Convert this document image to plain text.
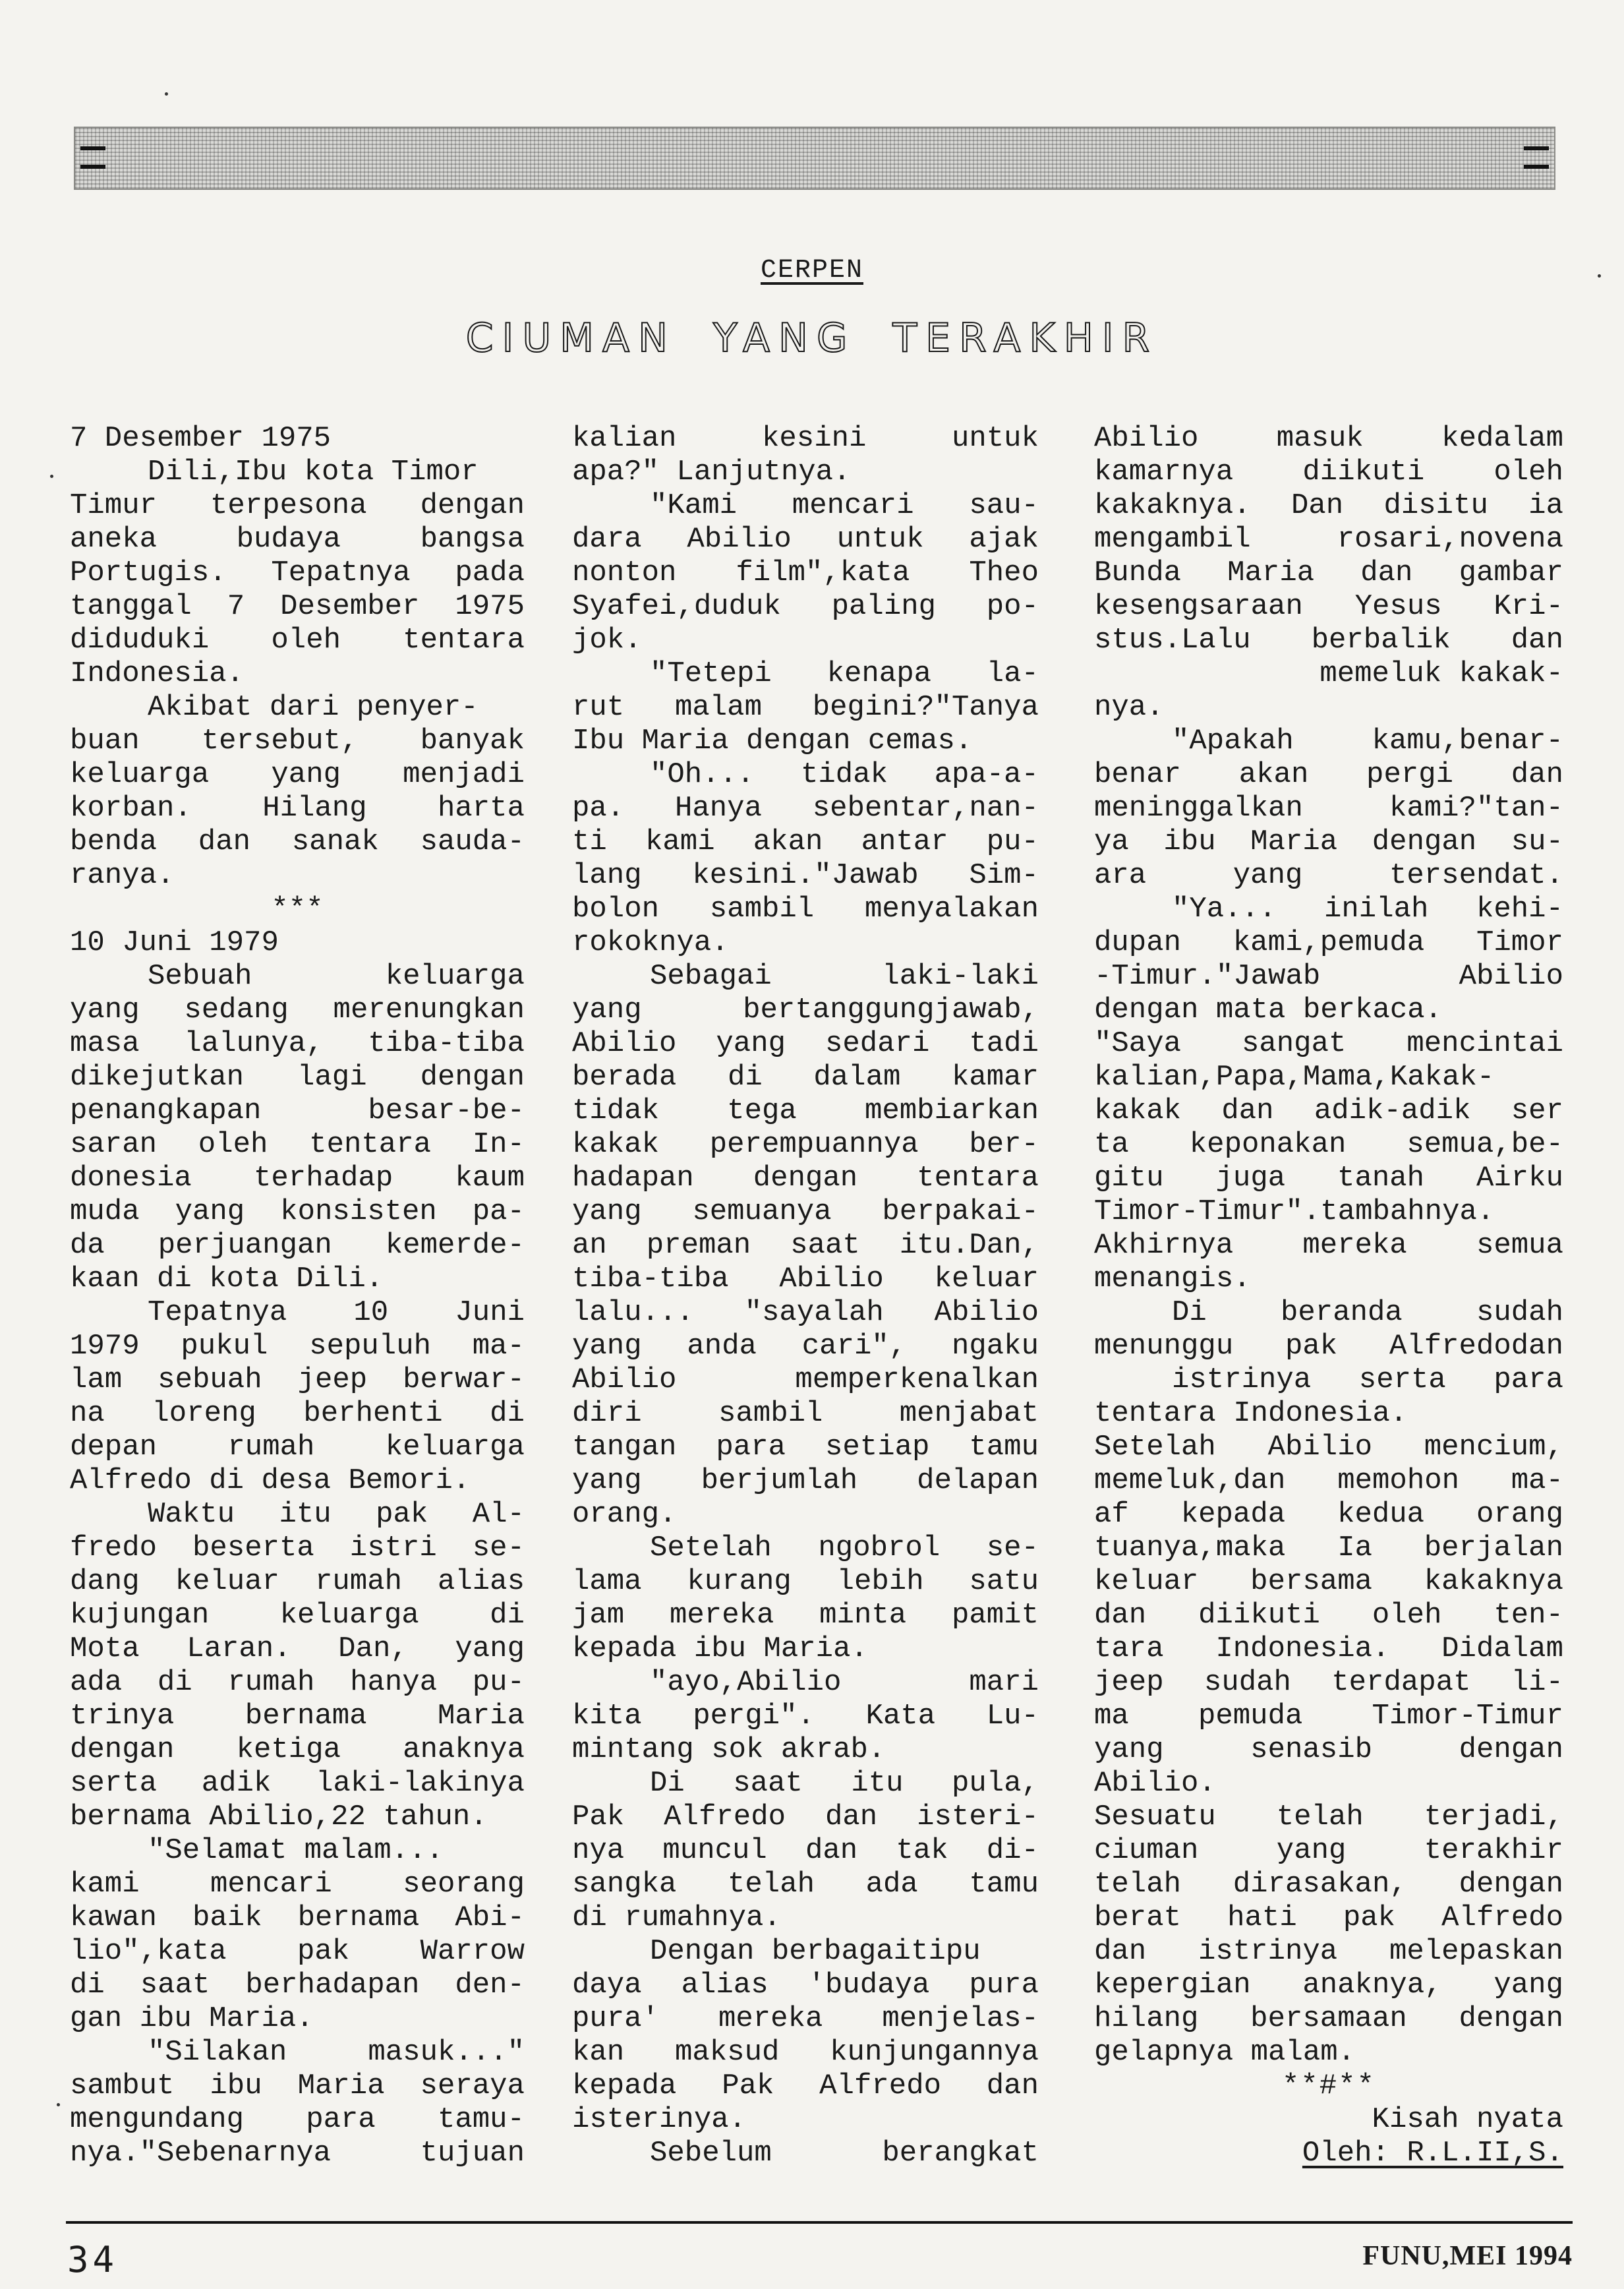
CERPEN
CIUMAN YANG TERAKHIR
7 Desember 1975
Dili,Ibu kota Timor
Timur terpesona dengan
aneka budaya bangsa
Portugis. Tepatnya pada
tanggal 7 Desember 1975
diduduki oleh tentara
Indonesia.
Akibat dari penyer-
buan tersebut, banyak
keluarga yang menjadi
korban. Hilang harta
benda dan sanak sauda-
ranya.
***
10 Juni 1979
Sebuah keluarga
yang sedang merenungkan
masa lalunya, tiba-tiba
dikejutkan lagi dengan
penangkapan besar-be-
saran oleh tentara In-
donesia terhadap kaum
muda yang konsisten pa-
da perjuangan kemerde-
kaan di kota Dili.
Tepatnya 10 Juni
1979 pukul sepuluh ma-
lam sebuah jeep berwar-
na loreng berhenti di
depan rumah keluarga
Alfredo di desa Bemori.
Waktu itu pak Al-
fredo beserta istri se-
dang keluar rumah alias
kujungan keluarga di
Mota Laran. Dan, yang
ada di rumah hanya pu-
trinya bernama Maria
dengan ketiga anaknya
serta adik laki-lakinya
bernama Abilio,22 tahun.
"Selamat malam...
kami mencari seorang
kawan baik bernama Abi-
lio",kata pak Warrow
di saat berhadapan den-
gan ibu Maria.
"Silakan masuk..."
sambut ibu Maria seraya
mengundang para tamu-
nya."Sebenarnya tujuan
kalian kesini untuk
apa?" Lanjutnya.
"Kami mencari sau-
dara Abilio untuk ajak
nonton film",kata Theo
Syafei,duduk paling po-
jok.
"Tetepi kenapa la-
rut malam begini?"Tanya
Ibu Maria dengan cemas.
"Oh... tidak apa-a-
pa. Hanya sebentar,nan-
ti kami akan antar pu-
lang kesini."Jawab Sim-
bolon sambil menyalakan
rokoknya.
Sebagai laki-laki
yang bertanggungjawab,
Abilio yang sedari tadi
berada di dalam kamar
tidak tega membiarkan
kakak perempuannya ber-
hadapan dengan tentara
yang semuanya berpakai-
an preman saat itu.Dan,
tiba-tiba Abilio keluar
lalu... "sayalah Abilio
yang anda cari", ngaku
Abilio memperkenalkan
diri sambil menjabat
tangan para setiap tamu
yang berjumlah delapan
orang.
Setelah ngobrol se-
lama kurang lebih satu
jam mereka minta pamit
kepada ibu Maria.
"ayo,Abilio mari
kita pergi". Kata Lu-
mintang sok akrab.
Di saat itu pula,
Pak Alfredo dan isteri-
nya muncul dan tak di-
sangka telah ada tamu
di rumahnya.
Dengan berbagaitipu
daya alias 'budaya pura
pura' mereka menjelas-
kan maksud kunjungannya
kepada Pak Alfredo dan
isterinya.
Sebelum berangkat
Abilio masuk kedalam
kamarnya diikuti oleh
kakaknya. Dan disitu ia
mengambil rosari,novena
Bunda Maria dan gambar
kesengsaraan Yesus Kri-
stus.Lalu berbalik dan
memeluk kakak-
nya.
"Apakah kamu,benar-
benar akan pergi dan
meninggalkan kami?"tan-
ya ibu Maria dengan su-
ara yang tersendat.
"Ya... inilah kehi-
dupan kami,pemuda Timor
-Timur."Jawab Abilio
dengan mata berkaca.
"Saya sangat mencintai
kalian,Papa,Mama,Kakak-
kakak dan adik-adik ser
ta keponakan semua,be-
gitu juga tanah Airku
Timor-Timur".tambahnya.
Akhirnya mereka semua
menangis.
Di beranda sudah
menunggu pak Alfredodan
istrinya serta para
tentara Indonesia.
Setelah Abilio mencium,
memeluk,dan memohon ma-
af kepada kedua orang
tuanya,maka Ia berjalan
keluar bersama kakaknya
dan diikuti oleh ten-
tara Indonesia. Didalam
jeep sudah terdapat li-
ma pemuda Timor-Timur
yang senasib dengan
Abilio.
Sesuatu telah terjadi,
ciuman yang terakhir
telah dirasakan, dengan
berat hati pak Alfredo
dan istrinya melepaskan
kepergian anaknya, yang
hilang bersamaan dengan
gelapnya malam.
**#**
Kisah nyata
Oleh: R.L.II,S.
34	FUNU,MEI 1994
